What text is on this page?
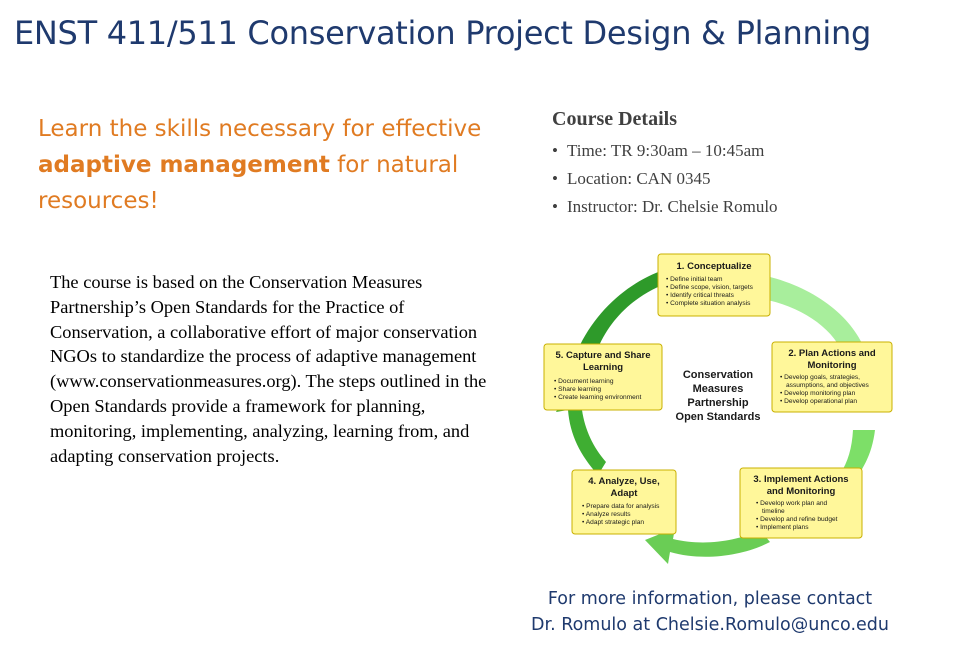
ENST 411/511 Conservation Project Design & Planning
Learn the skills necessary for effective adaptive management for natural resources!
Course Details
• Time: TR 9:30am – 10:45am
• Location: CAN 0345
• Instructor: Dr. Chelsie Romulo
The course is based on the Conservation Measures Partnership’s Open Standards for the Practice of Conservation, a collaborative effort of major conservation NGOs to standardize the process of adaptive management (www.conservationmeasures.org). The steps outlined in the Open Standards provide a framework for planning, monitoring, implementing, analyzing, learning from, and adapting conservation projects.
Conservation
Measures
Partnership
Open Standards
1. Conceptualize
• Define initial team
• Define scope, vision, targets
• Identify critical threats
• Complete situation analysis
2. Plan Actions and
Monitoring
• Develop goals, strategies,
assumptions, and objectives
• Develop monitoring plan
• Develop operational plan
3. Implement Actions
and Monitoring
• Develop work plan and
timeline
• Develop and refine budget
• Implement plans
4. Analyze, Use,
Adapt
• Prepare data for analysis
• Analyze results
• Adapt strategic plan
5. Capture and Share
Learning
• Document learning
• Share learning
• Create learning environment
For more information, please contact
Dr. Romulo at Chelsie.Romulo@unco.edu
